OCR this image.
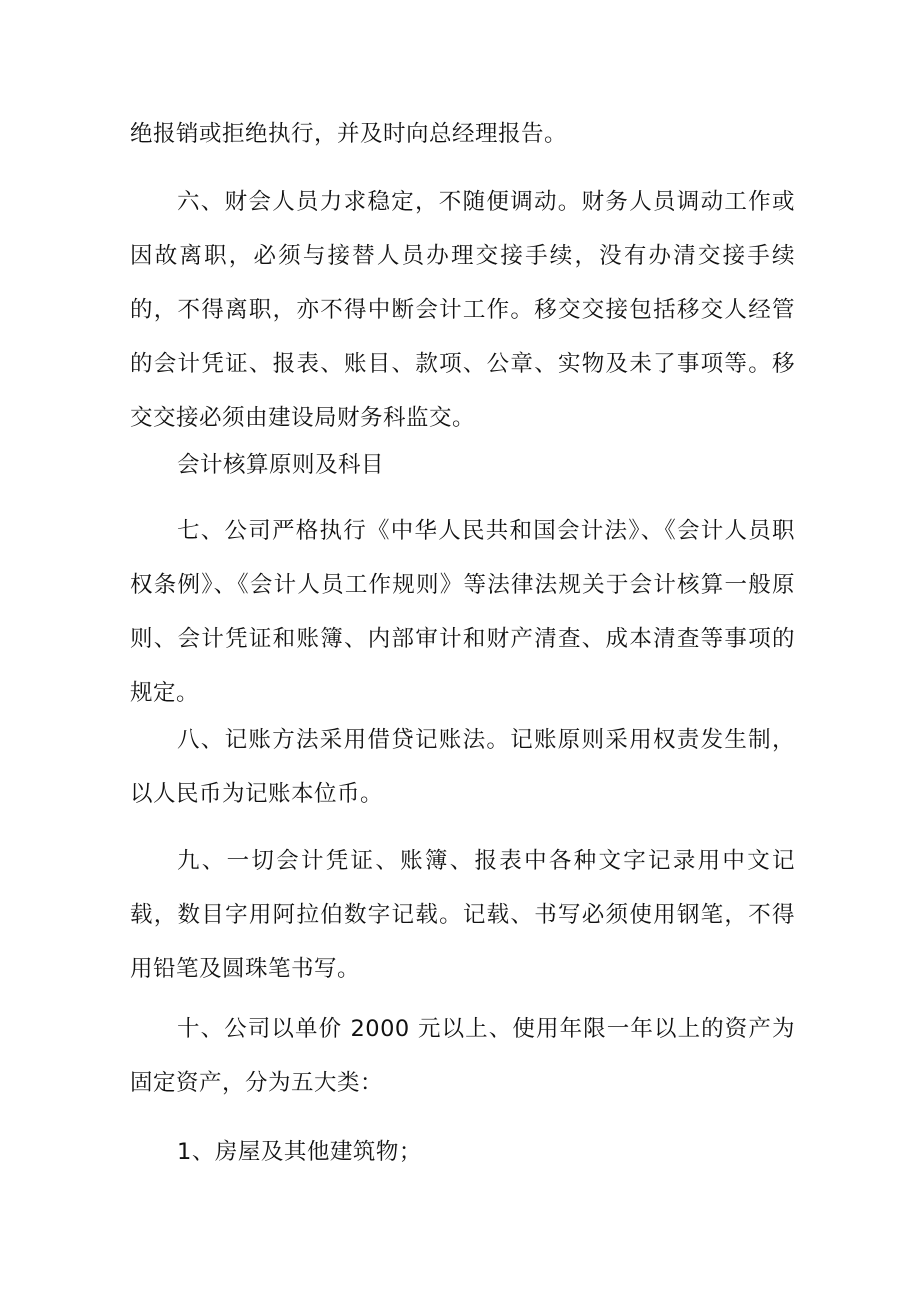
绝报销或拒绝执行，并及时向总经理报告。

六、财会人员力求稳定，不随便调动。财务人员调动工作或因故离职，必须与接替人员办理交接手续，没有办清交接手续的，不得离职，亦不得中断会计工作。移交交接包括移交人经管的会计凭证、报表、账目、款项、公章、实物及未了事项等。移交交接必须由建设局财务科监交。

会计核算原则及科目

七、公司严格执行《中华人民共和国会计法》、《会计人员职权条例》、《会计人员工作规则》等法律法规关于会计核算一般原则、会计凭证和账簿、内部审计和财产清查、成本清查等事项的规定。

八、记账方法采用借贷记账法。记账原则采用权责发生制，以人民币为记账本位币。

九、一切会计凭证、账簿、报表中各种文字记录用中文记载，数目字用阿拉伯数字记载。记载、书写必须使用钢笔，不得用铅笔及圆珠笔书写。

十、公司以单价 2000 元以上、使用年限一年以上的资产为固定资产，分为五大类：

1、房屋及其他建筑物；
